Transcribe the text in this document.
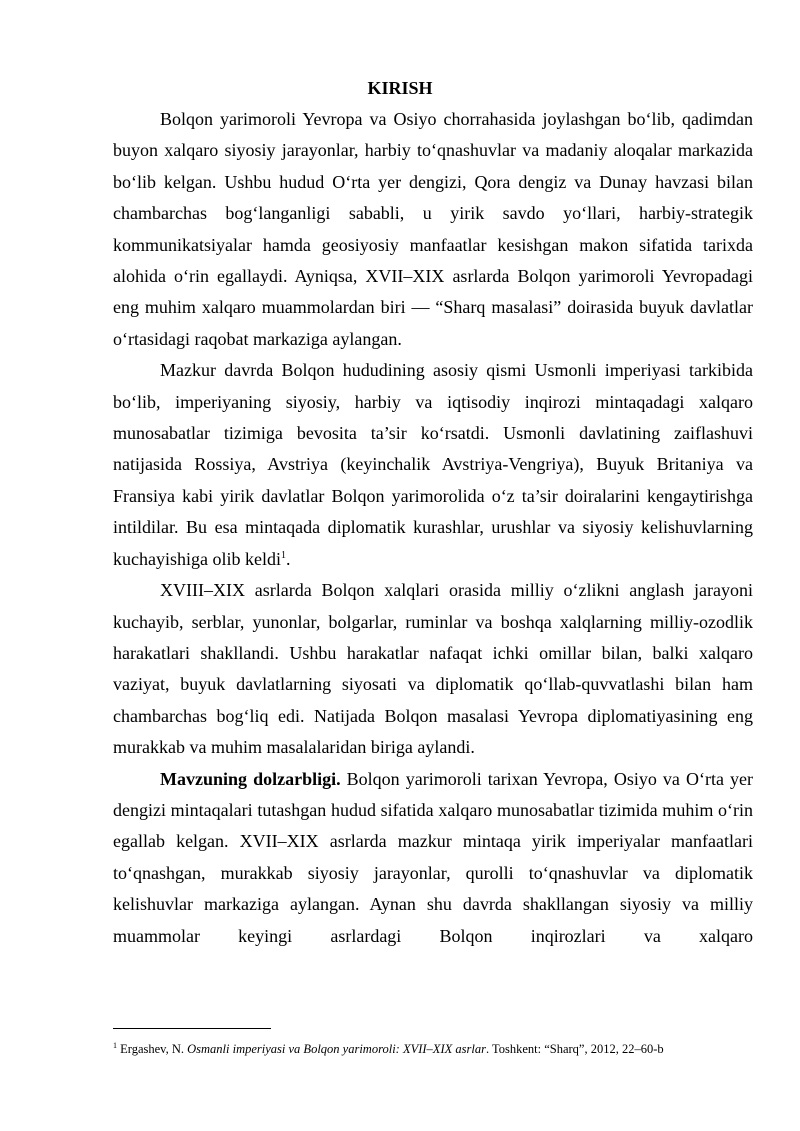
KIRISH

Bolqon yarimoroli Yevropa va Osiyo chorrahasida joylashgan bo‘lib, qadimdan buyon xalqaro siyosiy jarayonlar, harbiy to‘qnashuvlar va madaniy aloqalar markazida bo‘lib kelgan. Ushbu hudud O‘rta yer dengizi, Qora dengiz va Dunay havzasi bilan chambarchas bog‘langanligi sababli, u yirik savdo yo‘llari, harbiy-strategik kommunikatsiyalar hamda geosiyosiy manfaatlar kesishgan makon sifatida tarixda alohida o‘rin egallaydi. Ayniqsa, XVII–XIX asrlarda Bolqon yarimoroli Yevropadagi eng muhim xalqaro muammolardan biri — “Sharq masalasi” doirasida buyuk davlatlar o‘rtasidagi raqobat markaziga aylangan.

Mazkur davrda Bolqon hududining asosiy qismi Usmonli imperiyasi tarkibida bo‘lib, imperiyaning siyosiy, harbiy va iqtisodiy inqirozi mintaqadagi xalqaro munosabatlar tizimiga bevosita ta’sir ko‘rsatdi. Usmonli davlatining zaiflashuvi natijasida Rossiya, Avstriya (keyinchalik Avstriya-Vengriya), Buyuk Britaniya va Fransiya kabi yirik davlatlar Bolqon yarimorolida o‘z ta’sir doiralarini kengaytirishga intildilar. Bu esa mintaqada diplomatik kurashlar, urushlar va siyosiy kelishuvlarning kuchayishiga olib keldi$^1$.

XVIII–XIX asrlarda Bolqon xalqlari orasida milliy o‘zlikni anglash jarayoni kuchayib, serblar, yunonlar, bolgarlar, ruminlar va boshqa xalqlarning milliy-ozodlik harakatlari shakllandi. Ushbu harakatlar nafaqat ichki omillar bilan, balki xalqaro vaziyat, buyuk davlatlarning siyosati va diplomatik qo‘llab-quvvatlashi bilan ham chambarchas bog‘liq edi. Natijada Bolqon masalasi Yevropa diplomatiyasining eng murakkab va muhim masalalaridan biriga aylandi.

Mavzuning dolzarbligi. Bolqon yarimoroli tarixan Yevropa, Osiyo va O‘rta yer dengizi mintaqalari tutashgan hudud sifatida xalqaro munosabatlar tizimida muhim o‘rin egallab kelgan. XVII–XIX asrlarda mazkur mintaqa yirik imperiyalar manfaatlari to‘qnashgan, murakkab siyosiy jarayonlar, qurolli to‘qnashuvlar va diplomatik kelishuvlar markaziga aylangan. Aynan shu davrda shakllangan siyosiy va milliy muammolar keyingi asrlardagi Bolqon inqirozlari va xalqaro

$^1$ Ergashev, N. Osmanli imperiyasi va Bolqon yarimoroli: XVII–XIX asrlar. Toshkent: “Sharq”, 2012, 22–60-b
